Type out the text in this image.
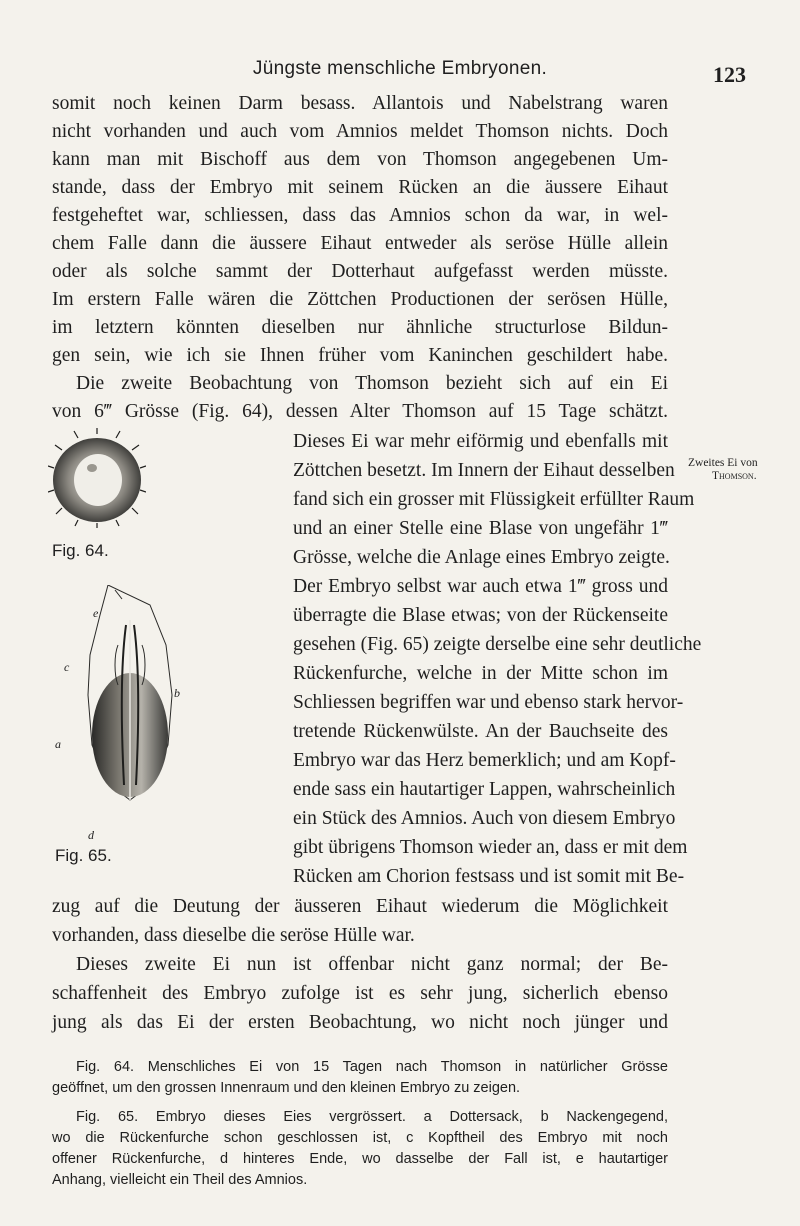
Jüngste menschliche Embryonen.	123
somit noch keinen Darm besass. Allantois und Nabelstrang waren
nicht vorhanden und auch vom Amnios meldet Thomson nichts. Doch
kann man mit Bischoff aus dem von Thomson angegebenen Um-
stande, dass der Embryo mit seinem Rücken an die äussere Eihaut
festgeheftet war, schliessen, dass das Amnios schon da war, in wel-
chem Falle dann die äussere Eihaut entweder als seröse Hülle allein
oder als solche sammt der Dotterhaut aufgefasst werden müsste.
Im erstern Falle wären die Zöttchen Productionen der serösen Hülle,
im letztern könnten dieselben nur ähnliche structurlose Bildun-
gen sein, wie ich sie Ihnen früher vom Kaninchen geschildert habe.
Die zweite Beobachtung von Thomson bezieht sich auf ein Ei
von 6‴ Grösse (Fig. 64), dessen Alter Thomson auf 15 Tage schätzt.
Dieses Ei war mehr eiförmig und ebenfalls mit
Zöttchen besetzt. Im Innern der Eihaut desselben
fand sich ein grosser mit Flüssigkeit erfüllter Raum
und an einer Stelle eine Blase von ungefähr 1‴
Grösse, welche die Anlage eines Embryo zeigte.
Der Embryo selbst war auch etwa 1‴ gross und
überragte die Blase etwas; von der Rückenseite
gesehen (Fig. 65) zeigte derselbe eine sehr deutliche
Rückenfurche, welche in der Mitte schon im
Schliessen begriffen war und ebenso stark hervor-
tretende Rückenwülste. An der Bauchseite des
Embryo war das Herz bemerklich; und am Kopf-
ende sass ein hautartiger Lappen, wahrscheinlich
ein Stück des Amnios. Auch von diesem Embryo
gibt übrigens Thomson wieder an, dass er mit dem
Rücken am Chorion festsass und ist somit mit Be-
zug auf die Deutung der äusseren Eihaut wiederum die Möglichkeit
vorhanden, dass dieselbe die seröse Hülle war.
Dieses zweite Ei nun ist offenbar nicht ganz normal; der Be-
schaffenheit des Embryo zufolge ist es sehr jung, sicherlich ebenso
jung als das Ei der ersten Beobachtung, wo nicht noch jünger und
Zweites Ei von
Thomson.
Fig. 64.
e
c
b
a
d
Fig. 65.
Fig. 64. Menschliches Ei von 15 Tagen nach Thomson in natürlicher Grösse
geöffnet, um den grossen Innenraum und den kleinen Embryo zu zeigen.
Fig. 65. Embryo dieses Eies vergrössert. a Dottersack, b Nackengegend,
wo die Rückenfurche schon geschlossen ist, c Kopftheil des Embryo mit noch
offener Rückenfurche, d hinteres Ende, wo dasselbe der Fall ist, e hautartiger
Anhang, vielleicht ein Theil des Amnios.
